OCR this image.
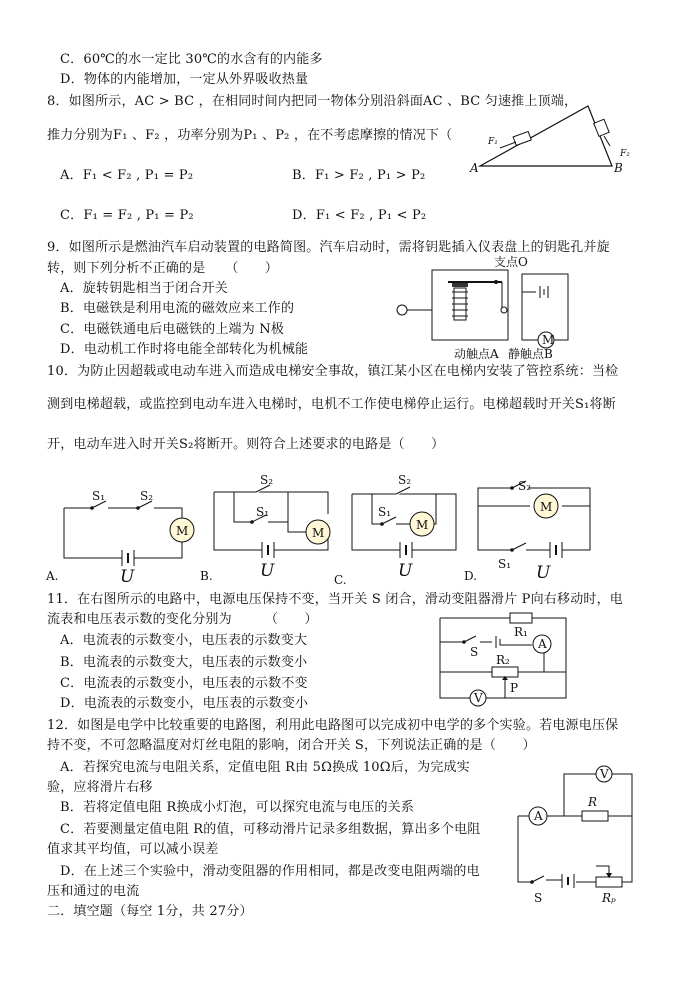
C．60℃的水一定比 30℃的水含有的内能多
D．物体的内能增加，一定从外界吸收热量
8．如图所示，AC > BC ，在相同时间内把同一物体分别沿斜面AC 、BC 匀速推上顶端，
推力分别为F₁ 、F₂ ，功率分别为P₁ 、P₂ ，在不考虑摩擦的情况下（
A．F₁ < F₂ , P₁ = P₂	B．F₁ > F₂ , P₁ > P₂
C．F₁ = F₂ , P₁ = P₂	D．F₁ < F₂ , P₁ < P₂
A	B
F₁
F₂
9．如图所示是燃油汽车启动装置的电路简图。汽车启动时，需将钥匙插入仪表盘上的钥匙孔并旋
转，则下列分析不正确的是　　（　　）
A．旋转钥匙相当于闭合开关
B．电磁铁是利用电流的磁效应来工作的
C．电磁铁通电后电磁铁的上端为 N极
D．电动机工作时将电能全部转化为机械能
支点O
M
动触点A 静触点B
10．为防止因超载或电动车进入而造成电梯安全事故，镇江某小区在电梯内安装了管控系统：当检
测到电梯超载，或监控到电动车进入电梯时，电机不工作使电梯停止运行。电梯超载时开关S₁将断
开，电动车进入时开关S₂将断开。则符合上述要求的电路是（　　）
M
S₁	S₂
U
A.
M
S₂
S₁
U
B.
M
S₂
S₁
U
C.
M
S₂
S₁ U
D.
11．在右图所示的电路中，电源电压保持不变，当开关 S 闭合，滑动变阻器滑片 P向右移动时，电
流表和电压表示数的变化分别为　　　（　　）
A．电流表的示数变小，电压表的示数变大
B．电流表的示数变大，电压表的示数变小
C．电流表的示数变小，电压表的示数不变
D．电流表的示数变小，电压表的示数变小
A
V
R₁
R₂
S
P
12．如图是电学中比较重要的电路图，利用此电路图可以完成初中电学的多个实验。若电源电压保
持不变，不可忽略温度对灯丝电阻的影响，闭合开关 S，下列说法正确的是（　　）
A．若探究电流与电阻关系，定值电阻 R由 5Ω换成 10Ω后，为完成实
验，应将滑片右移
B．若将定值电阻 R换成小灯泡，可以探究电流与电压的关系
C．若要测量定值电阻 R的值，可移动滑片记录多组数据，算出多个电阻
值求其平均值，可以减小误差
D．在上述三个实验中，滑动变阻器的作用相同，都是改变电阻两端的电
压和通过的电流
A
V
R
S	Rₚ
二．填空题（每空 1分，共 27分）
